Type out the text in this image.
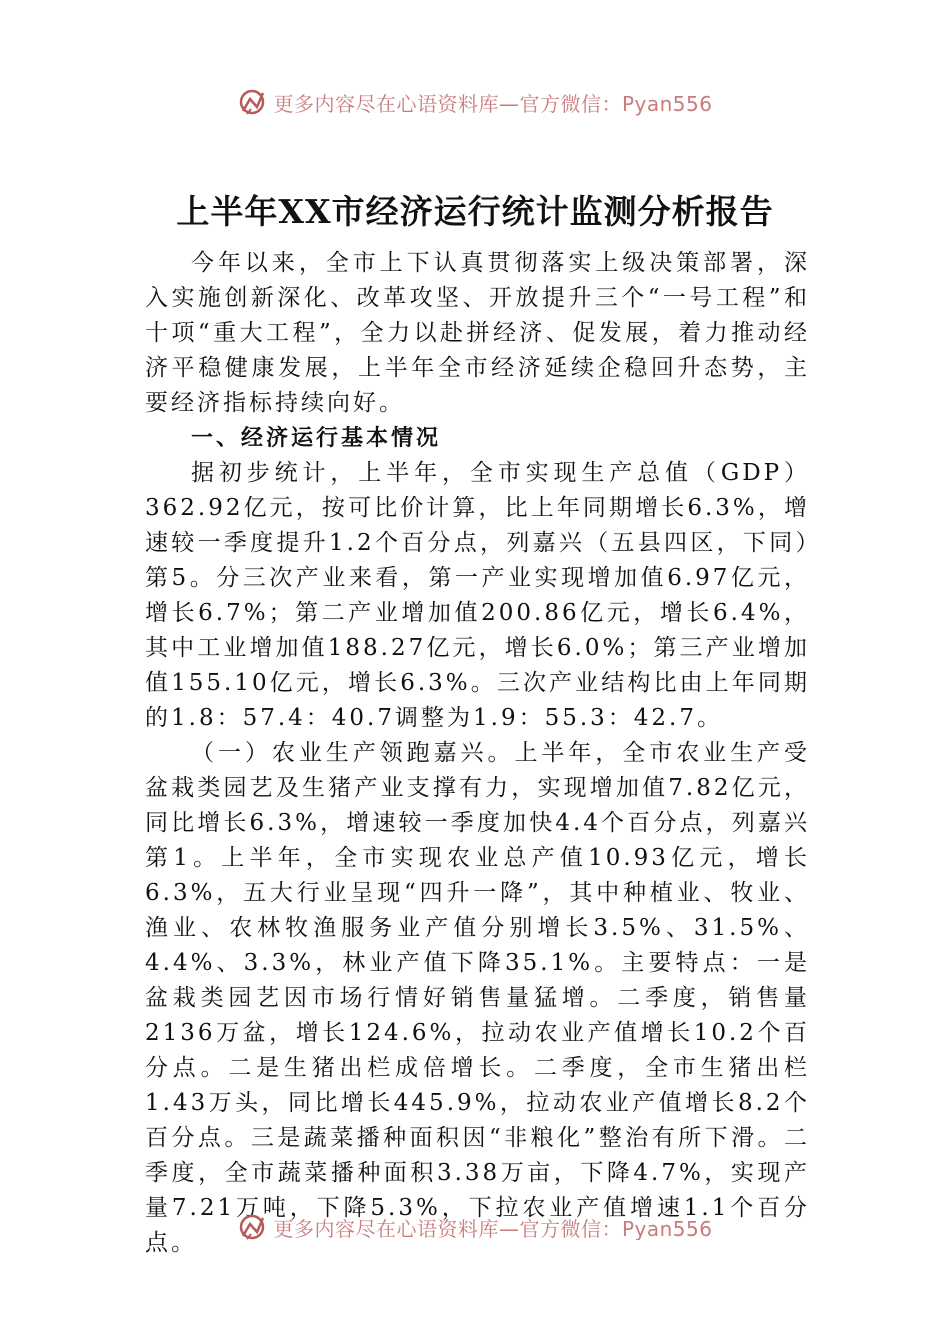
更多内容尽在心语资料库—官方微信：Pyan556
上半年XX市经济运行统计监测分析报告

今年以来，全市上下认真贯彻落实上级决策部署，深入实施创新深化、改革攻坚、开放提升三个“一号工程”和十项“重大工程”，全力以赴拼经济、促发展，着力推动经济平稳健康发展，上半年全市经济延续企稳回升态势，主要经济指标持续向好。

一、经济运行基本情况

据初步统计，上半年，全市实现生产总值（GDP）362.92亿元，按可比价计算，比上年同期增长6.3%，增速较一季度提升1.2个百分点，列嘉兴（五县四区，下同）第5。分三次产业来看，第一产业实现增加值6.97亿元，增长6.7%；第二产业增加值200.86亿元，增长6.4%，其中工业增加值188.27亿元，增长6.0%；第三产业增加值155.10亿元，增长6.3%。三次产业结构比由上年同期的1.8：57.4：40.7调整为1.9：55.3：42.7。

（一）农业生产领跑嘉兴。上半年，全市农业生产受盆栽类园艺及生猪产业支撑有力，实现增加值7.82亿元，同比增长6.3%，增速较一季度加快4.4个百分点，列嘉兴第1。上半年，全市实现农业总产值10.93亿元，增长6.3%，五大行业呈现“四升一降”，其中种植业、牧业、渔业、农林牧渔服务业产值分别增长3.5%、31.5%、4.4%、3.3%，林业产值下降35.1%。主要特点：一是盆栽类园艺因市场行情好销售量猛增。二季度，销售量2136万盆，增长124.6%，拉动农业产值增长10.2个百分点。二是生猪出栏成倍增长。二季度，全市生猪出栏1.43万头，同比增长445.9%，拉动农业产值增长8.2个百分点。三是蔬菜播种面积因“非粮化”整治有所下滑。二季度，全市蔬菜播种面积3.38万亩，下降4.7%，实现产量7.21万吨，下降5.3%，下拉农业产值增速1.1个百分点。

更多内容尽在心语资料库—官方微信：Pyan556
